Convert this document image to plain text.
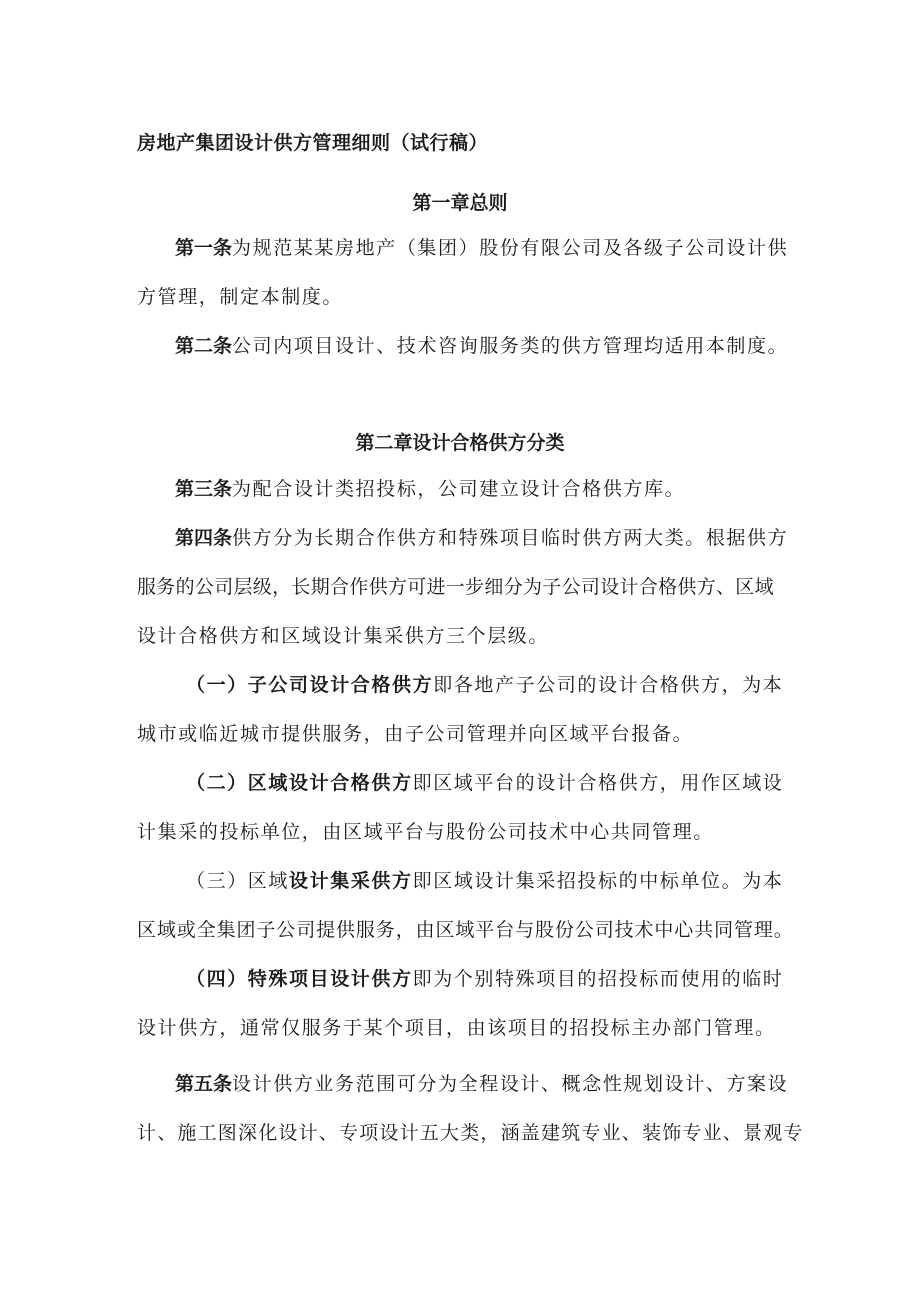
房地产集团设计供方管理细则（试行稿）
第一章总则
第一条为规范某某房地产（集团）股份有限公司及各级子公司设计供
方管理，制定本制度。
第二条公司内项目设计、技术咨询服务类的供方管理均适用本制度。
第二章设计合格供方分类
第三条为配合设计类招投标，公司建立设计合格供方库。
第四条供方分为长期合作供方和特殊项目临时供方两大类。根据供方
服务的公司层级，长期合作供方可进一步细分为子公司设计合格供方、区域
设计合格供方和区域设计集采供方三个层级。
（一）子公司设计合格供方即各地产子公司的设计合格供方，为本
城市或临近城市提供服务，由子公司管理并向区域平台报备。
（二）区域设计合格供方即区域平台的设计合格供方，用作区域设
计集采的投标单位，由区域平台与股份公司技术中心共同管理。
（三）区域设计集采供方即区域设计集采招投标的中标单位。为本
区域或全集团子公司提供服务，由区域平台与股份公司技术中心共同管理。
（四）特殊项目设计供方即为个别特殊项目的招投标而使用的临时
设计供方，通常仅服务于某个项目，由该项目的招投标主办部门管理。
第五条设计供方业务范围可分为全程设计、概念性规划设计、方案设
计、施工图深化设计、专项设计五大类，涵盖建筑专业、装饰专业、景观专
